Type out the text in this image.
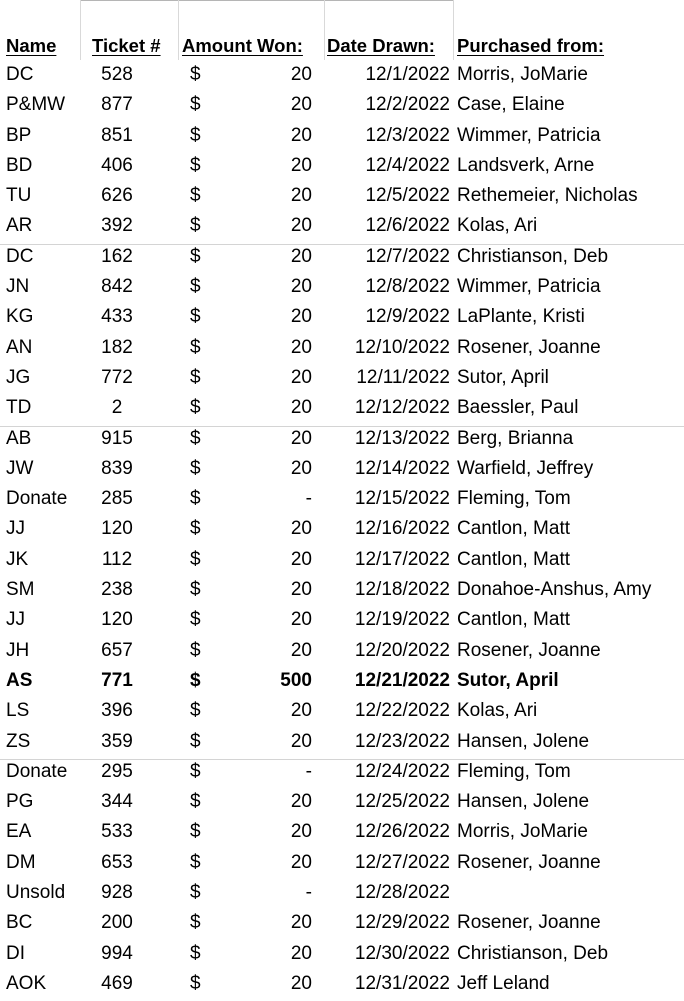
Name Ticket # Amount Won: Date Drawn: Purchased from:
DC	528	$	20	12/1/2022 Morris, JoMarie
P&MW	877	$	20	12/2/2022 Case, Elaine
BP	851	$	20	12/3/2022 Wimmer, Patricia
BD	406	$	20	12/4/2022 Landsverk, Arne
TU	626	$	20	12/5/2022 Rethemeier, Nicholas
AR	392	$	20	12/6/2022 Kolas, Ari
DC	162	$	20	12/7/2022 Christianson, Deb
JN	842	$	20	12/8/2022 Wimmer, Patricia
KG	433	$	20	12/9/2022 LaPlante, Kristi
AN	182	$	20	12/10/2022 Rosener, Joanne
JG	772	$	20	12/11/2022 Sutor, April
TD	2	$	20	12/12/2022 Baessler, Paul
AB	915	$	20	12/13/2022 Berg, Brianna
JW	839	$	20	12/14/2022 Warfield, Jeffrey
Donate	285	$	-	12/15/2022 Fleming, Tom
JJ	120	$	20	12/16/2022 Cantlon, Matt
JK	112	$	20	12/17/2022 Cantlon, Matt
SM	238	$	20	12/18/2022 Donahoe-Anshus, Amy
JJ	120	$	20	12/19/2022 Cantlon, Matt
JH	657	$	20	12/20/2022 Rosener, Joanne
AS	771	$	500	12/21/2022 Sutor, April
LS	396	$	20	12/22/2022 Kolas, Ari
ZS	359	$	20	12/23/2022 Hansen, Jolene
Donate	295	$	-	12/24/2022 Fleming, Tom
PG	344	$	20	12/25/2022 Hansen, Jolene
EA	533	$	20	12/26/2022 Morris, JoMarie
DM	653	$	20	12/27/2022 Rosener, Joanne
Unsold	928	$	-	12/28/2022
BC	200	$	20	12/29/2022 Rosener, Joanne
DI	994	$	20	12/30/2022 Christianson, Deb
AOK	469	$	20	12/31/2022 Jeff Leland
